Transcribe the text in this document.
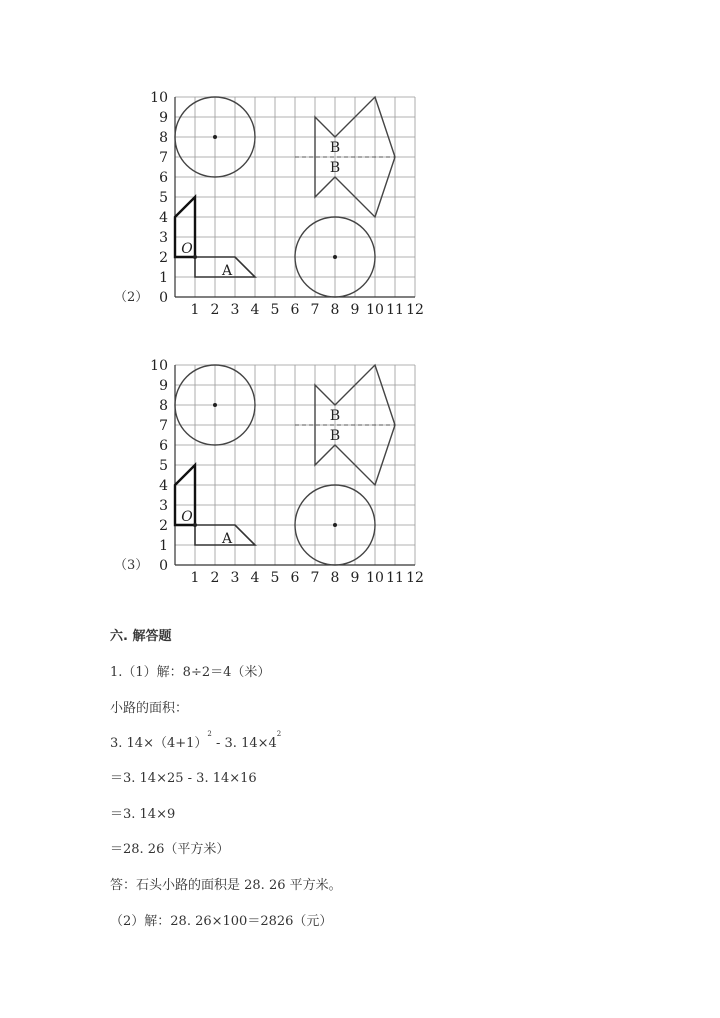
（2）
1 2 3 4 5 6 7 8 9 10 11 12
0
1
2
3
4
5
6
7
8
9
10
B
B
A
O
（3）
1 2 3 4 5 6 7 8 9 10 11 12
0
1
2
3
4
5
6
7
8
9
10
B
B
A
O
六. 解答题
1.（1）解：8÷2＝4（米）
小路的面积：
3. $14\times(4+1)^2 - 3$. $14\times 4^2$
＝3. 14×25 - 3. 14×16
＝3. 14×9
＝28. 26（平方米）
答：石头小路的面积是 28. 26 平方米。
（2）解：28. 26×100＝2826（元）
